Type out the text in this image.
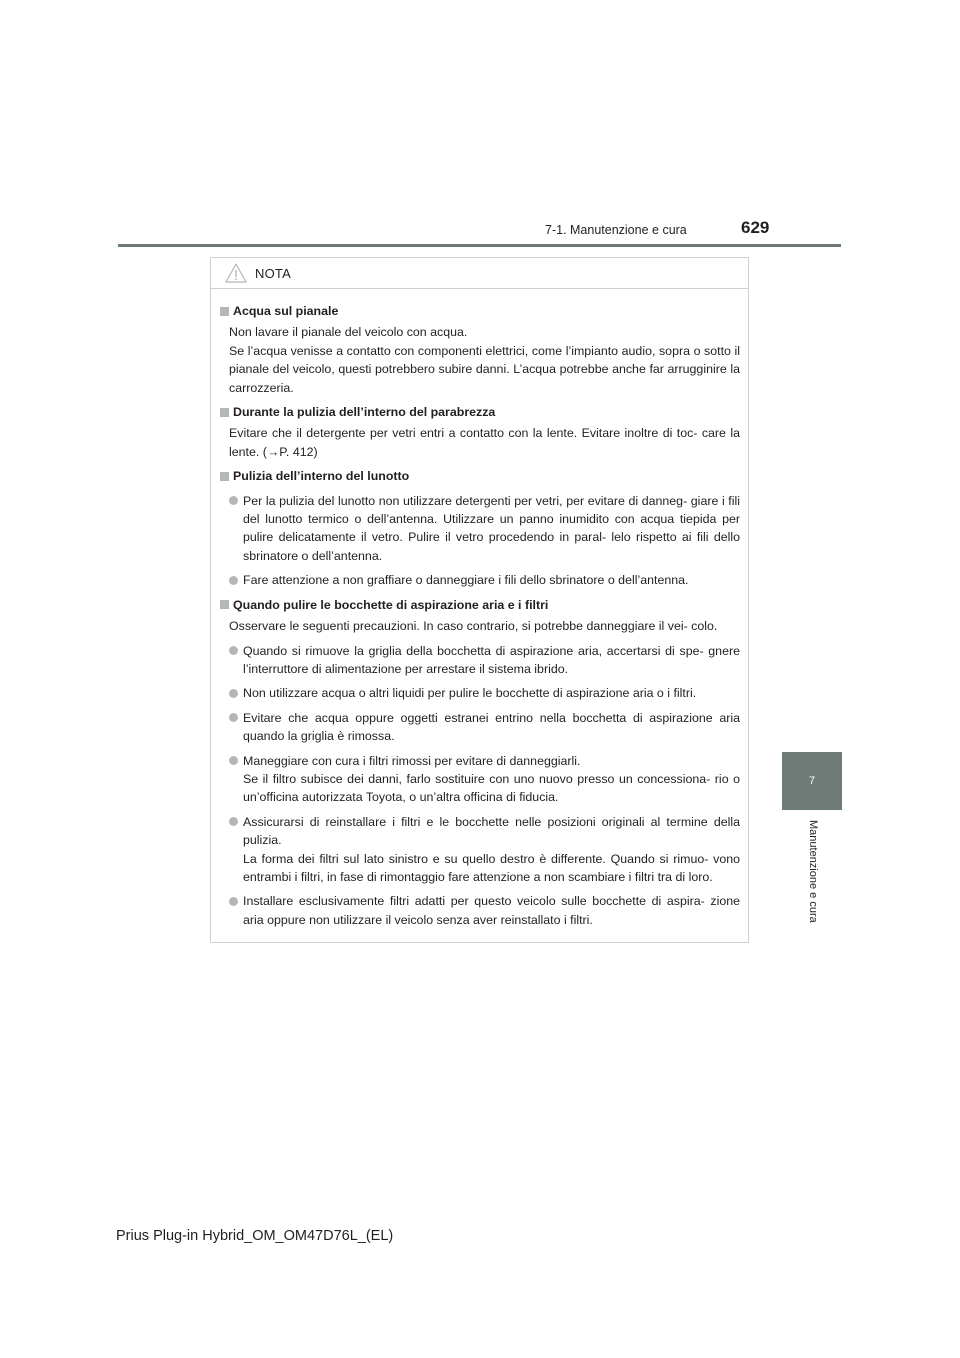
7-1. Manutenzione e cura	629
7
Manutenzione e cura
NOTA
Acqua sul pianale
Non lavare il pianale del veicolo con acqua.
Se l’acqua venisse a contatto con componenti elettrici, come l’impianto audio, sopra o sotto il pianale del veicolo, questi potrebbero subire danni. L’acqua potrebbe anche far arrugginire la carrozzeria.
Durante la pulizia dell’interno del parabrezza
Evitare che il detergente per vetri entri a contatto con la lente. Evitare inoltre di toc- care la lente. (→P. 412)
Pulizia dell’interno del lunotto
Per la pulizia del lunotto non utilizzare detergenti per vetri, per evitare di danneg- giare i fili del lunotto termico o dell’antenna. Utilizzare un panno inumidito con acqua tiepida per pulire delicatamente il vetro. Pulire il vetro procedendo in paral- lelo rispetto ai fili dello sbrinatore o dell’antenna.
Fare attenzione a non graffiare o danneggiare i fili dello sbrinatore o dell’antenna.
Quando pulire le bocchette di aspirazione aria e i filtri
Osservare le seguenti precauzioni. In caso contrario, si potrebbe danneggiare il vei- colo.
Quando si rimuove la griglia della bocchetta di aspirazione aria, accertarsi di spe- gnere l’interruttore di alimentazione per arrestare il sistema ibrido.
Non utilizzare acqua o altri liquidi per pulire le bocchette di aspirazione aria o i filtri.
Evitare che acqua oppure oggetti estranei entrino nella bocchetta di aspirazione aria quando la griglia è rimossa.
Maneggiare con cura i filtri rimossi per evitare di danneggiarli.
Se il filtro subisce dei danni, farlo sostituire con uno nuovo presso un concessiona- rio o un’officina autorizzata Toyota, o un’altra officina di fiducia.
Assicurarsi di reinstallare i filtri e le bocchette nelle posizioni originali al termine della pulizia.
La forma dei filtri sul lato sinistro e su quello destro è differente. Quando si rimuo- vono entrambi i filtri, in fase di rimontaggio fare attenzione a non scambiare i filtri tra di loro.
Installare esclusivamente filtri adatti per questo veicolo sulle bocchette di aspira- zione aria oppure non utilizzare il veicolo senza aver reinstallato i filtri.
Prius Plug-in Hybrid_OM_OM47D76L_(EL)
